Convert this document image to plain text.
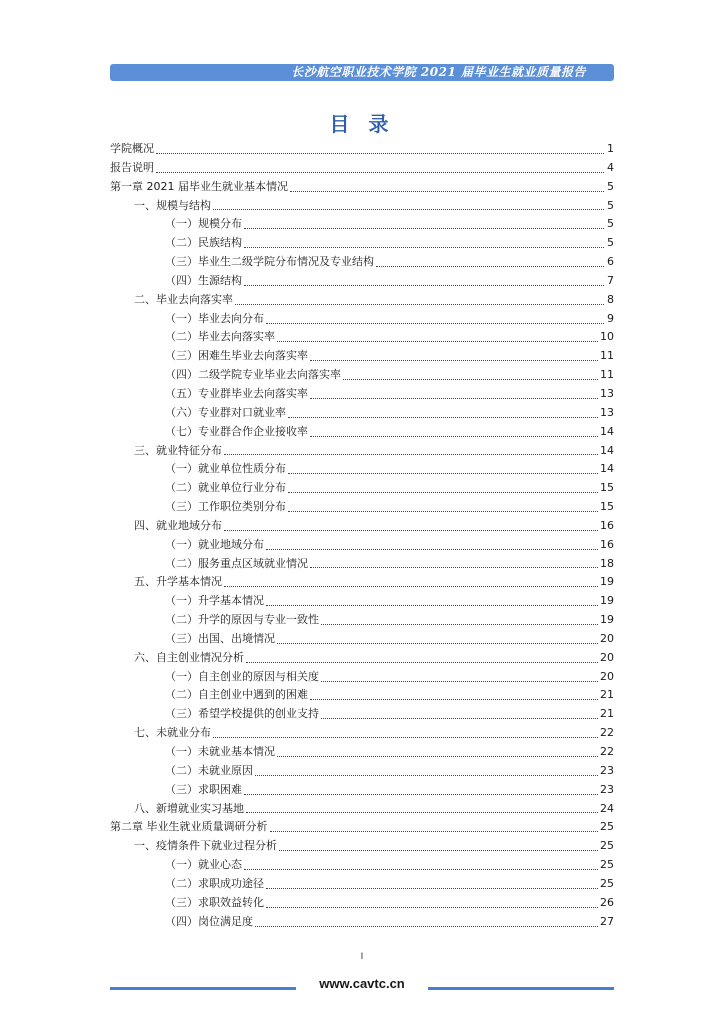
长沙航空职业技术学院 2021 届毕业生就业质量报告
目 录
学院概况	1
报告说明	4
第一章 2021 届毕业生就业基本情况	5
一、规模与结构	5
（一）规模分布	5
（二）民族结构	5
（三）毕业生二级学院分布情况及专业结构	6
（四）生源结构	7
二、毕业去向落实率	8
（一）毕业去向分布	9
（二）毕业去向落实率	10
（三）困难生毕业去向落实率	11
（四）二级学院专业毕业去向落实率	11
（五）专业群毕业去向落实率	13
（六）专业群对口就业率	13
（七）专业群合作企业接收率	14
三、就业特征分布	14
（一）就业单位性质分布	14
（二）就业单位行业分布	15
（三）工作职位类别分布	15
四、就业地域分布	16
（一）就业地域分布	16
（二）服务重点区域就业情况	18
五、升学基本情况	19
（一）升学基本情况	19
（二）升学的原因与专业一致性	19
（三）出国、出境情况	20
六、自主创业情况分析	20
（一）自主创业的原因与相关度	20
（二）自主创业中遇到的困难	21
（三）希望学校提供的创业支持	21
七、未就业分布	22
（一）未就业基本情况	22
（二）未就业原因	23
（三）求职困难	23
八、新增就业实习基地	24
第二章 毕业生就业质量调研分析	25
一、疫情条件下就业过程分析	25
（一）就业心态	25
（二）求职成功途径	25
（三）求职效益转化	26
（四）岗位满足度	27
I
www.cavtc.cn
